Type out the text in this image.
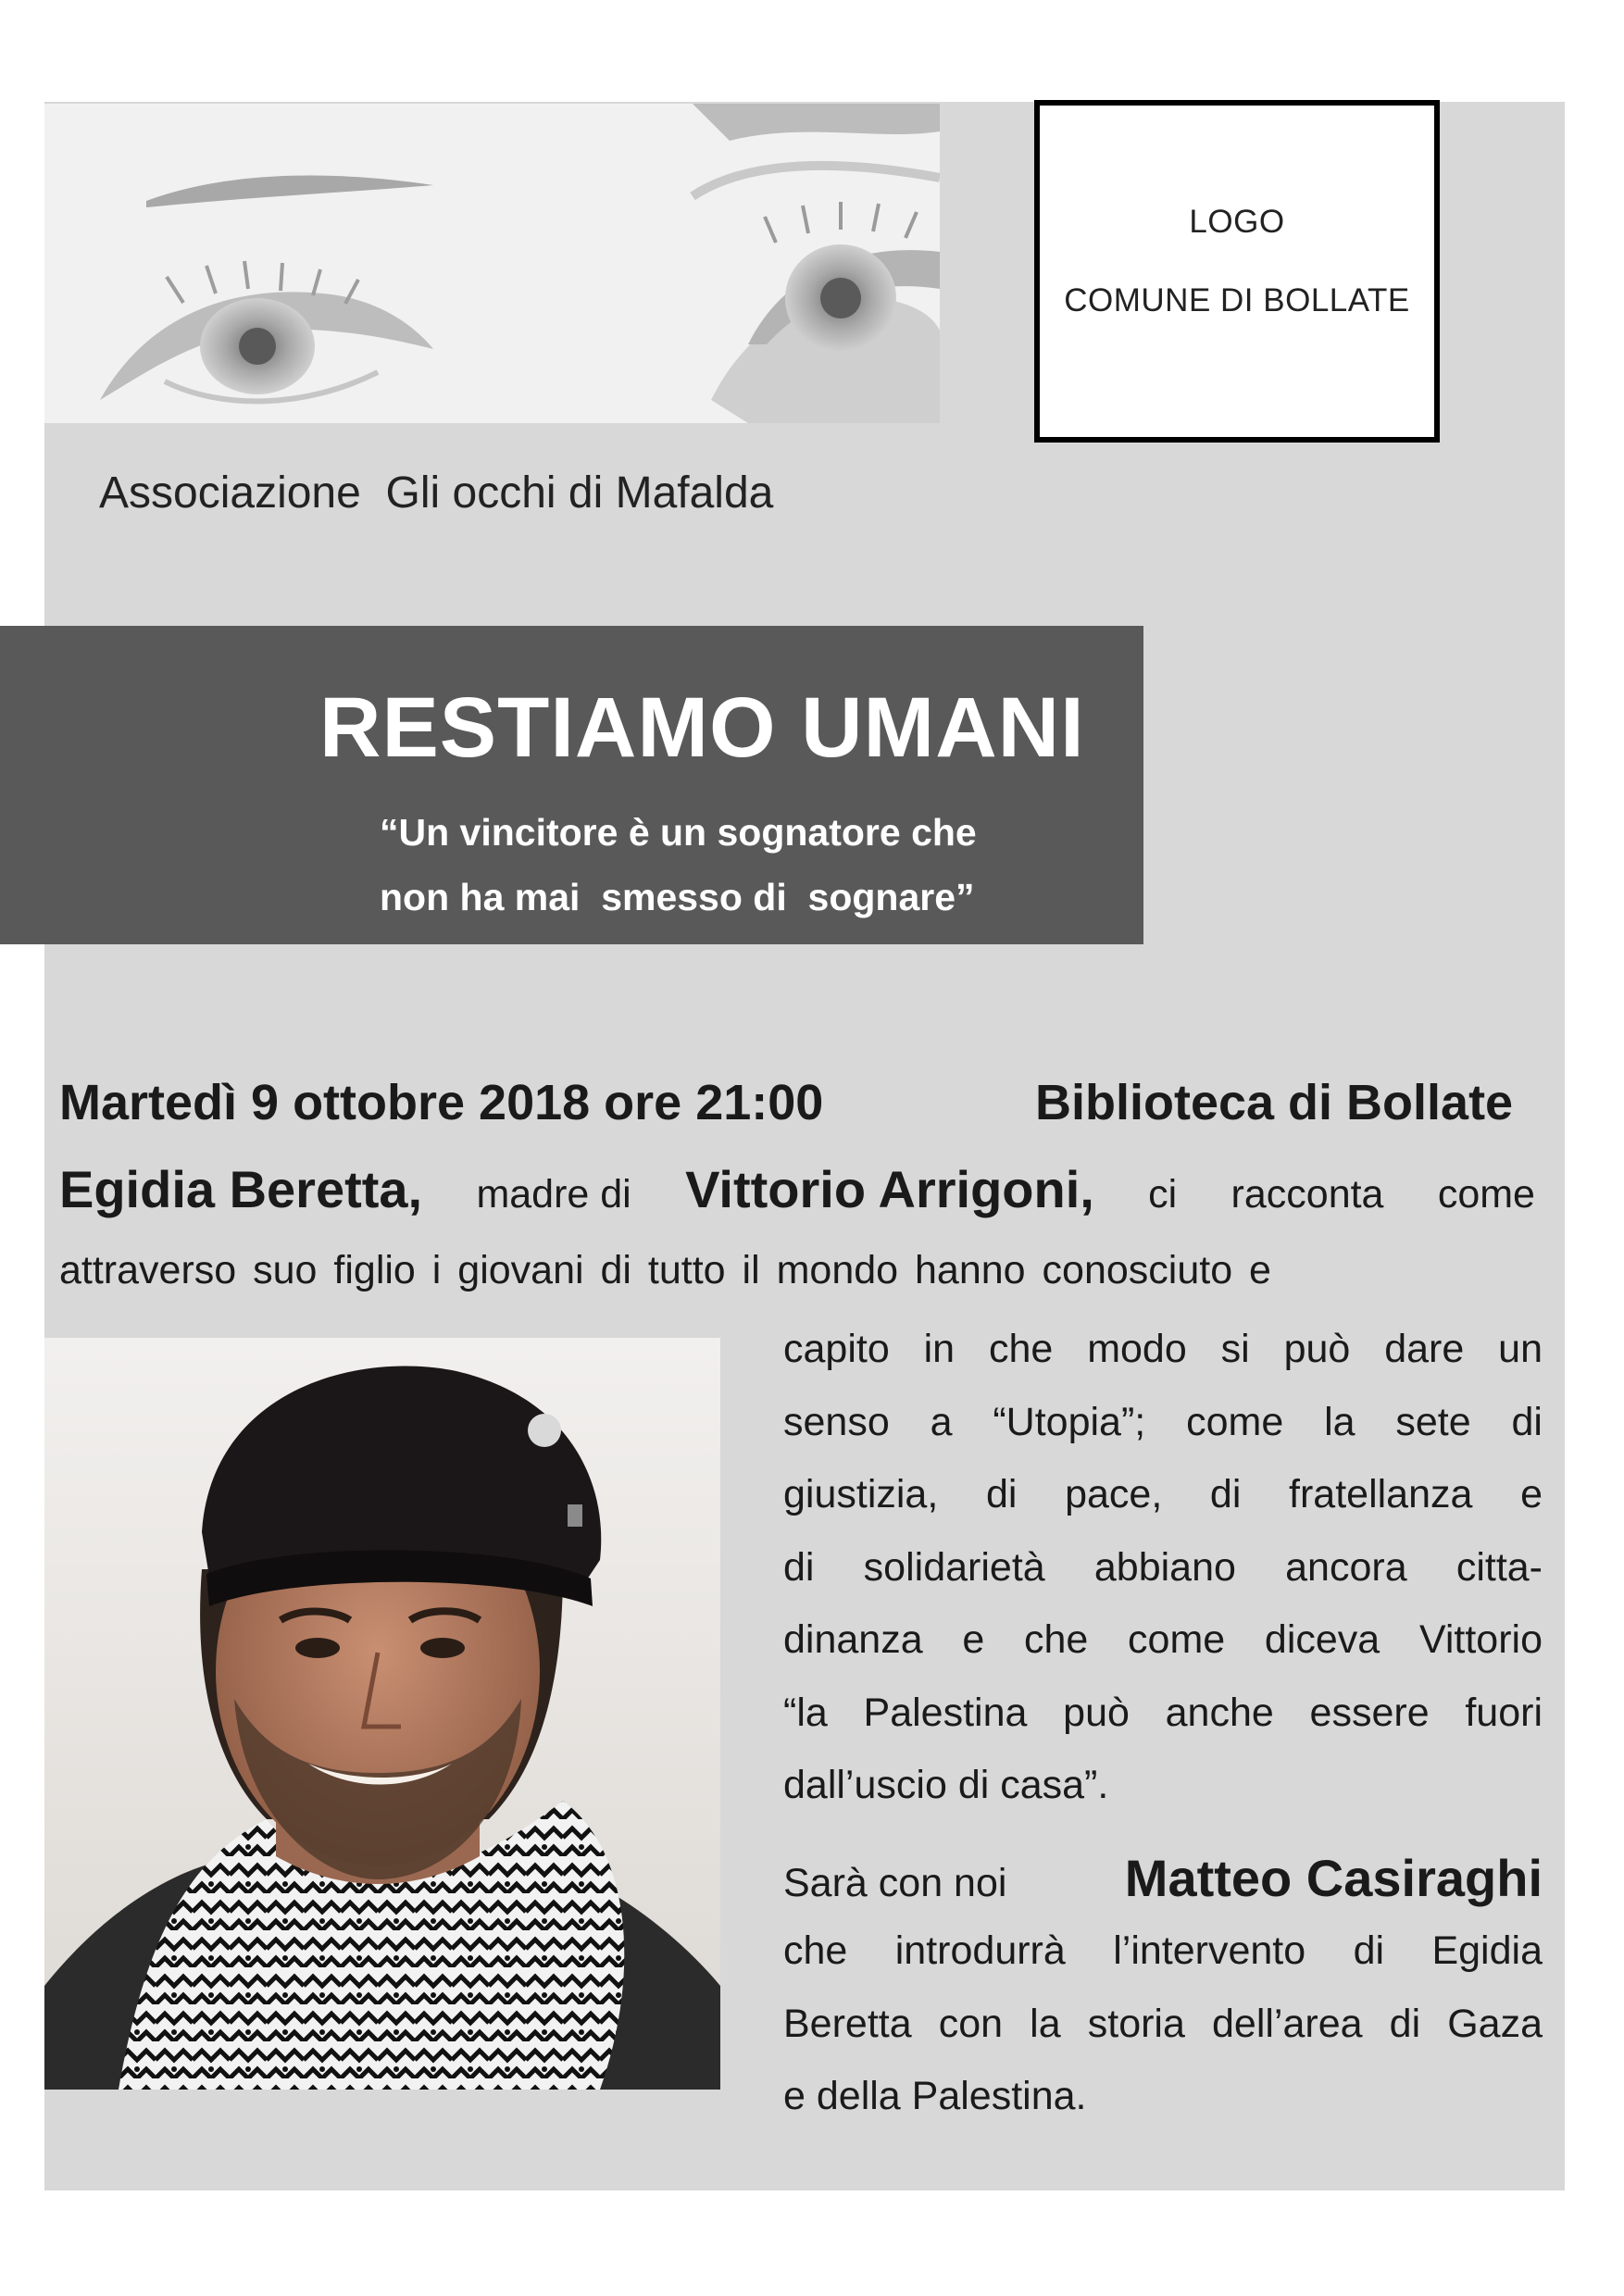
LOGO
COMUNE DI BOLLATE
Associazione  Gli occhi di Mafalda
RESTIAMO UMANI
“Un vincitore è un sognatore che
non ha mai  smesso di  sognare”
Martedì 9 ottobre 2018 ore 21:00	Biblioteca di Bollate
Egidia Beretta, madre di Vittorio Arrigoni, ci racconta come
attraverso suo figlio i giovani di tutto il mondo hanno conosciuto e
capito in che modo si può dare un
senso a “Utopia”; come la sete di
giustizia, di pace, di fratellanza e
di solidarietà abbiano ancora citta-
dinanza e che come diceva Vittorio
“la Palestina può anche essere fuori
dall’uscio di casa”.
Sarà con noi Matteo Casiraghi
che introdurrà l’intervento di Egidia
Beretta con la storia dell’area di Gaza
e della Palestina.
